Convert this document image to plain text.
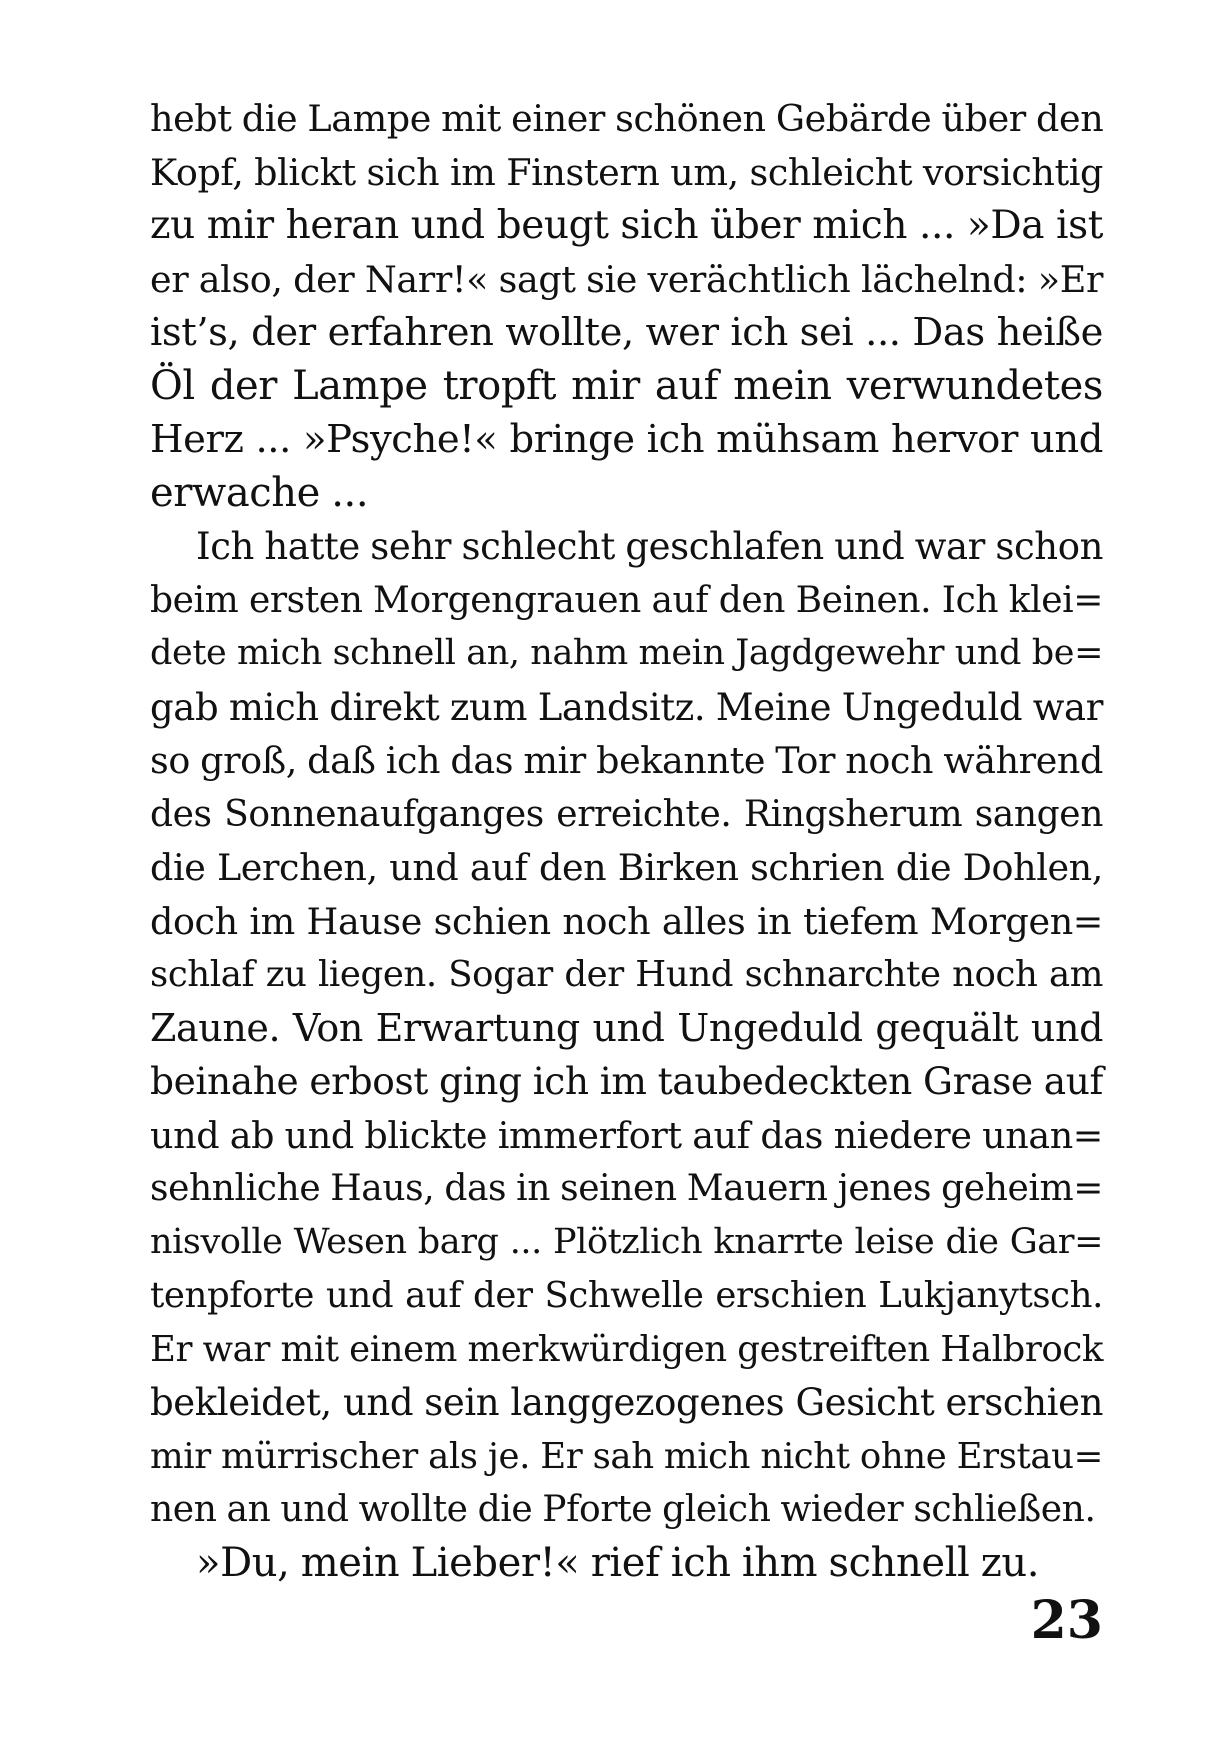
hebt die Lampe mit einer schönen Gebärde über den
Kopf, blickt sich im Finstern um, schleicht vorsichtig
zu mir heran und beugt sich über mich ... »Da ist
er also, der Narr!« sagt sie verächtlich lächelnd: »Er
ist’s, der erfahren wollte, wer ich sei ... Das heiße
Öl der Lampe tropft mir auf mein verwundetes
Herz ... »Psyche!« bringe ich mühsam hervor und
erwache ...
Ich hatte sehr schlecht geschlafen und war schon
beim ersten Morgengrauen auf den Beinen. Ich klei=
dete mich schnell an, nahm mein Jagdgewehr und be=
gab mich direkt zum Landsitz. Meine Ungeduld war
so groß, daß ich das mir bekannte Tor noch während
des Sonnenaufganges erreichte. Ringsherum sangen
die Lerchen, und auf den Birken schrien die Dohlen,
doch im Hause schien noch alles in tiefem Morgen=
schlaf zu liegen. Sogar der Hund schnarchte noch am
Zaune. Von Erwartung und Ungeduld gequält und
beinahe erbost ging ich im taubedeckten Grase auf
und ab und blickte immerfort auf das niedere unan=
sehnliche Haus, das in seinen Mauern jenes geheim=
nisvolle Wesen barg ... Plötzlich knarrte leise die Gar=
tenpforte und auf der Schwelle erschien Lukjanytsch.
Er war mit einem merkwürdigen gestreiften Halbrock
bekleidet, und sein langgezogenes Gesicht erschien
mir mürrischer als je. Er sah mich nicht ohne Erstau=
nen an und wollte die Pforte gleich wieder schließen.
»Du, mein Lieber!« rief ich ihm schnell zu.
23
